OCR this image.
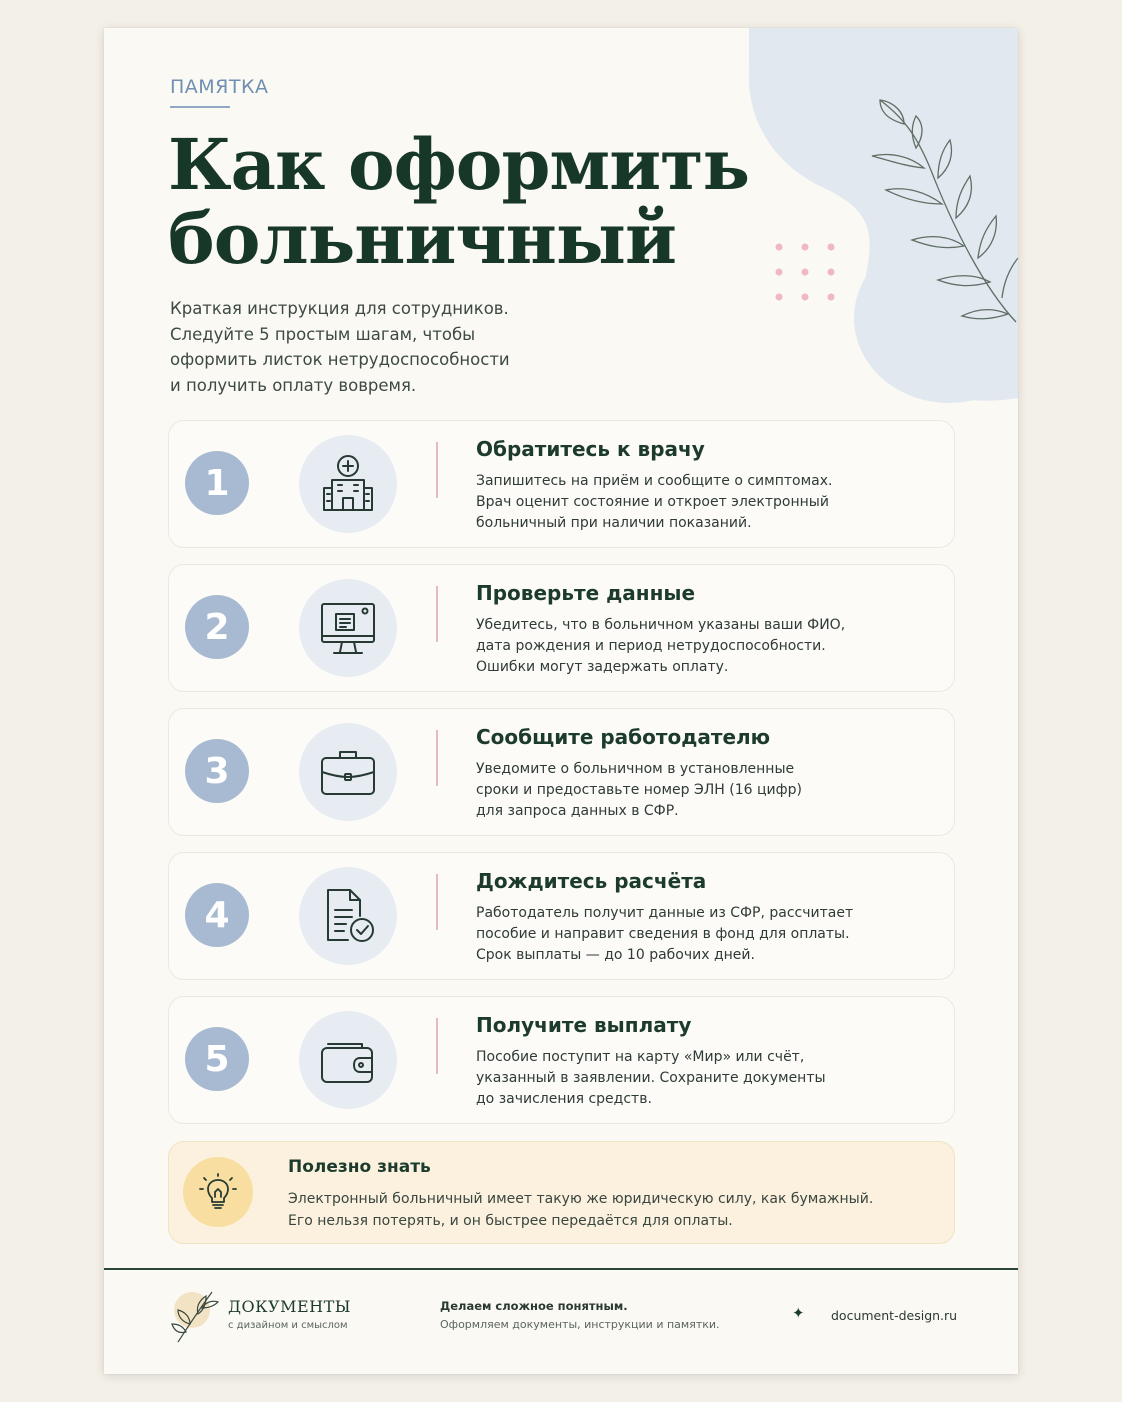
ПАМЯТКА
Как оформить
больничный

Краткая инструкция для сотрудников.
Следуйте 5 простым шагам, чтобы
оформить листок нетрудоспособности
и получить оплату вовремя.

1
Обратитесь к врачу
Запишитесь на приём и сообщите о симптомах.
Врач оценит состояние и откроет электронный
больничный при наличии показаний.
2
Проверьте данные
Убедитесь, что в больничном указаны ваши ФИО,
дата рождения и период нетрудоспособности.
Ошибки могут задержать оплату.
3
Сообщите работодателю
Уведомите о больничном в установленные
сроки и предоставьте номер ЭЛН (16 цифр)
для запроса данных в СФР.
4
Дождитесь расчёта
Работодатель получит данные из СФР, рассчитает
пособие и направит сведения в фонд для оплаты.
Срок выплаты — до 10 рабочих дней.
5
Получите выплату
Пособие поступит на карту «Мир» или счёт,
указанный в заявлении. Сохраните документы
до зачисления средств.
Полезно знать
Электронный больничный имеет такую же юридическую силу, как бумажный.
Его нельзя потерять, и он быстрее передаётся для оплаты.
ДОКУМЕНТЫ
с дизайном и смыслом
Делаем сложное понятным.
Оформляем документы, инструкции и памятки.
✦ document-design.ru
